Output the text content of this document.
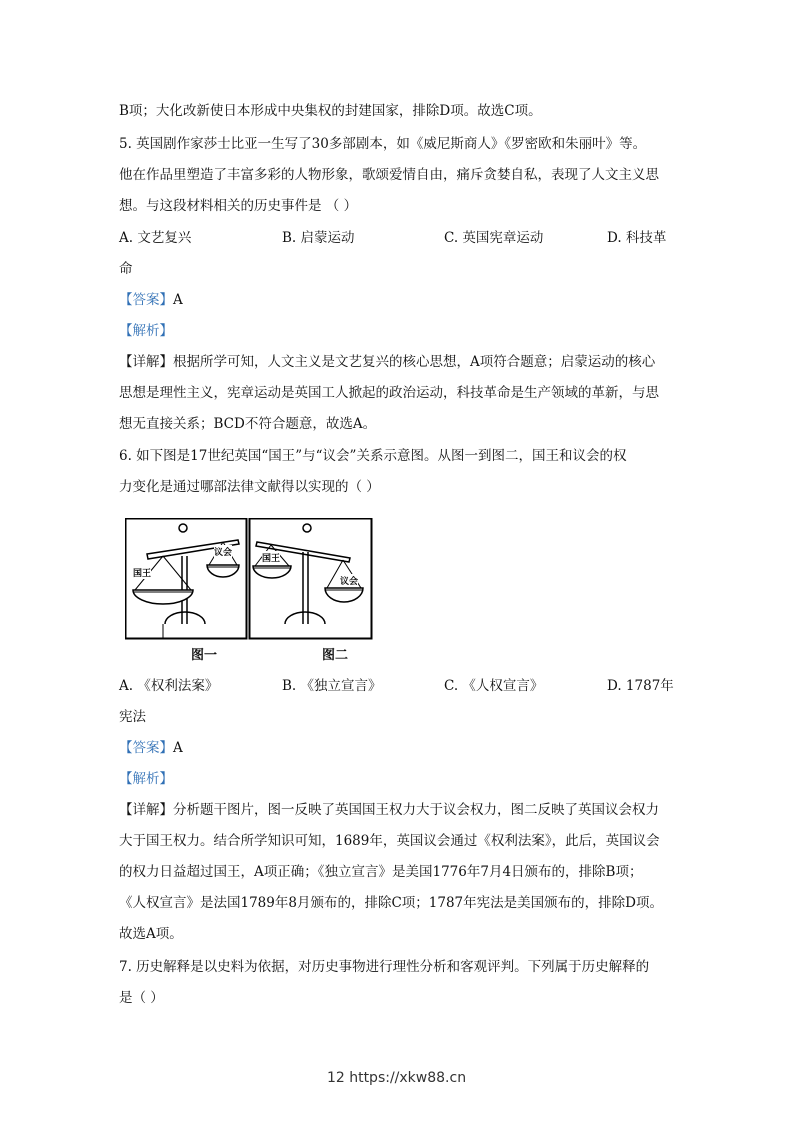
B项；大化改新使日本形成中央集权的封建国家，排除D项。故选C项。
5. 英国剧作家莎士比亚一生写了30多部剧本，如《威尼斯商人》《罗密欧和朱丽叶》等。
他在作品里塑造了丰富多彩的人物形象，歌颂爱情自由，痛斥贪婪自私，表现了人文主义思
想。与这段材料相关的历史事件是 （ ）
A. 文艺复兴	B. 启蒙运动	C. 英国宪章运动	D. 科技革
命
【答案】A
【解析】
【详解】根据所学可知，人文主义是文艺复兴的核心思想，A项符合题意；启蒙运动的核心
思想是理性主义，宪章运动是英国工人掀起的政治运动，科技革命是生产领域的革新，与思
想无直接关系；BCD不符合题意，故选A。
6. 如下图是17世纪英国“国王”与“议会”关系示意图。从图一到图二，国王和议会的权
力变化是通过哪部法律文献得以实现的（ ）
国王
议会
国王
议会
图一	图二
A. 《权利法案》	B. 《独立宣言》	C. 《人权宣言》	D. 1787年
宪法
【答案】A
【解析】
【详解】分析题干图片，图一反映了英国国王权力大于议会权力，图二反映了英国议会权力
大于国王权力。结合所学知识可知，1689年，英国议会通过《权利法案》，此后，英国议会
的权力日益超过国王，A项正确；《独立宣言》是美国1776年7月4日颁布的，排除B项；
《人权宣言》是法国1789年8月颁布的，排除C项；1787年宪法是美国颁布的，排除D项。
故选A项。
7. 历史解释是以史料为依据，对历史事物进行理性分析和客观评判。下列属于历史解释的
是（ ）
12 https://xkw88.cn
